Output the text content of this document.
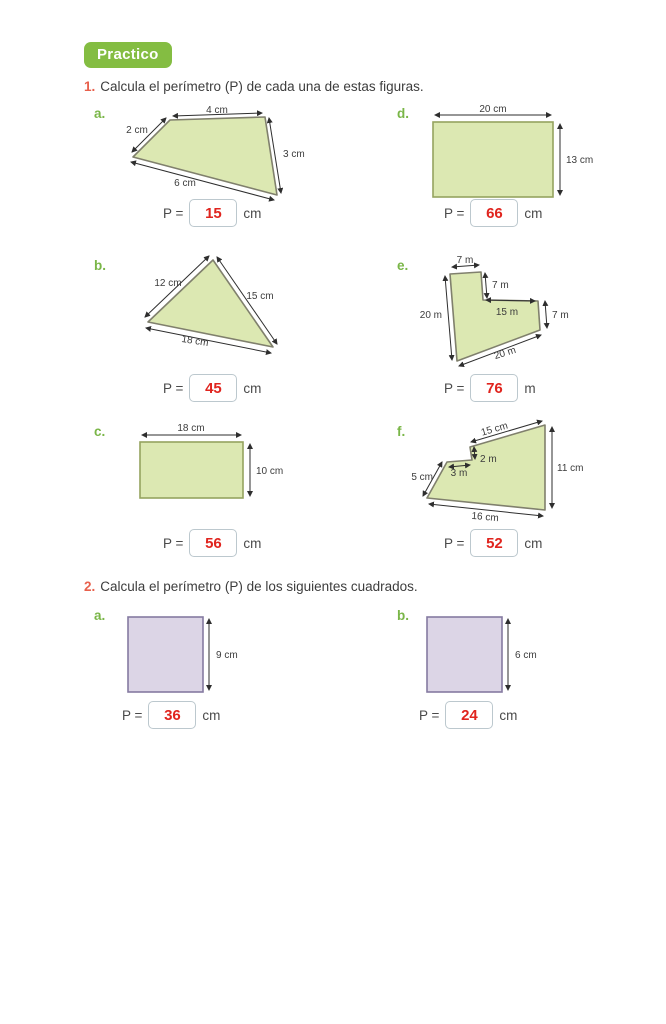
Practico
1. Calcula el perímetro (P) de cada una de estas figuras.
a.	4 cm
2 cm
3 cm
6 cm
P = 15 cm
d.	20 cm
13 cm
P = 66 cm
b.
12 cm
15 cm
18 cm
P = 45 cm
e.	7 m
7 m
20 m	15 m	7 m
20 m
P = 76 m
c.	18 cm
10 cm
P = 56 cm
f.	15 cm
2 m
3 m
5 cm
16 cm
11 cm
P = 52 cm
2. Calcula el perímetro (P) de los siguientes cuadrados.
a.
9 cm
P = 36 cm
b.
6 cm
P = 24 cm
